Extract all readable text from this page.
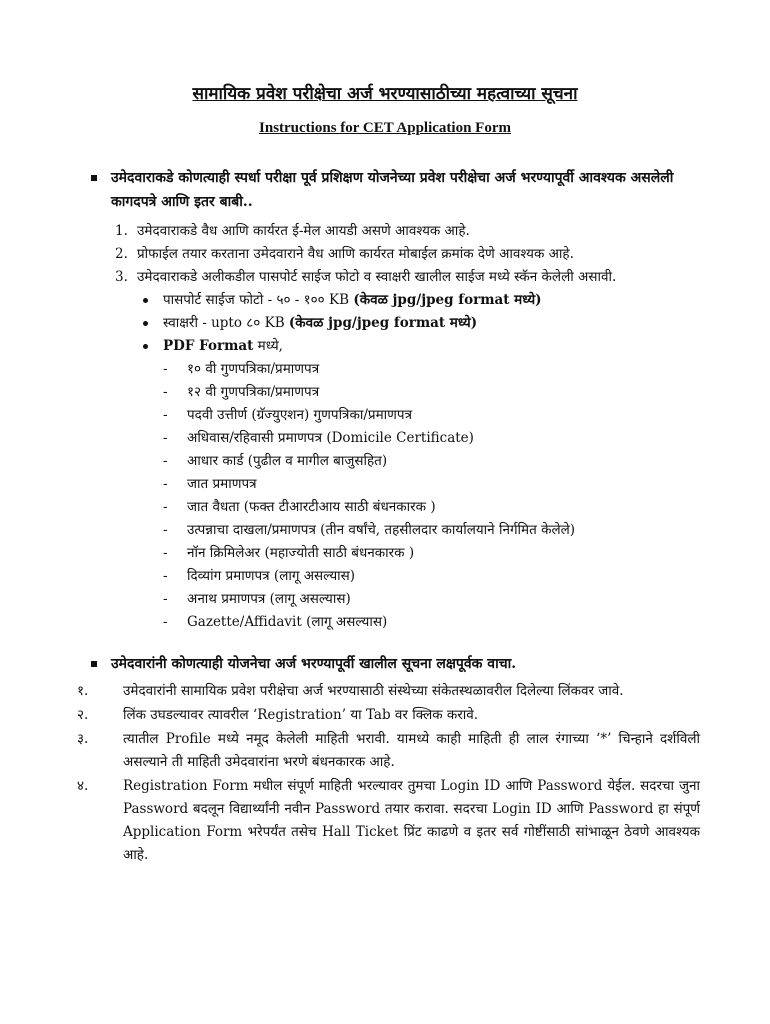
सामायिक प्रवेश परीक्षेचा अर्ज भरण्यासाठीच्या महत्वाच्या सूचना
Instructions for CET Application Form
उमेदवाराकडे कोणत्याही स्पर्धा परीक्षा पूर्व प्रशिक्षण योजनेच्या प्रवेश परीक्षेचा अर्ज भरण्यापूर्वी आवश्यक असलेली कागदपत्रे आणि इतर बाबी..
1. उमेदवाराकडे वैध आणि कार्यरत ई-मेल आयडी असणे आवश्यक आहे.
2. प्रोफाईल तयार करताना उमेदवाराने वैध आणि कार्यरत मोबाईल क्रमांक देणे आवश्यक आहे.
3. उमेदवाराकडे अलीकडील पासपोर्ट साईज फोटो व स्वाक्षरी खालील साईज मध्ये स्कॅन केलेली असावी.
पासपोर्ट साईज फोटो - ५० - १०० KB (केवळ jpg/jpeg format मध्ये)
स्वाक्षरी - upto ८० KB (केवळ jpg/jpeg format मध्ये)
PDF Format मध्ये,
- १० वी गुणपत्रिका/प्रमाणपत्र
- १२ वी गुणपत्रिका/प्रमाणपत्र
- पदवी उत्तीर्ण (ग्रॅज्युएशन) गुणपत्रिका/प्रमाणपत्र
- अधिवास/रहिवासी प्रमाणपत्र (Domicile Certificate)
- आधार कार्ड (पुढील व मागील बाजुसहित)
- जात प्रमाणपत्र
- जात वैधता (फक्त टीआरटीआय साठी बंधनकारक )
- उत्पन्नाचा दाखला/प्रमाणपत्र (तीन वर्षांचे, तहसीलदार कार्यालयाने निर्गमित केलेले)
- नॉन क्रिमिलेअर (महाज्योती साठी बंधनकारक )
- दिव्यांग प्रमाणपत्र (लागू असल्यास)
- अनाथ प्रमाणपत्र (लागू असल्यास)
- Gazette/Affidavit (लागू असल्यास)
उमेदवारांनी कोणत्याही योजनेचा अर्ज भरण्यापूर्वी खालील सूचना लक्षपूर्वक वाचा.
१.	उमेदवारांनी सामायिक प्रवेश परीक्षेचा अर्ज भरण्यासाठी संस्थेच्या संकेतस्थळावरील दिलेल्या लिंकवर जावे.
२.	लिंक उघडल्यावर त्यावरील ‘Registration’ या Tab वर क्लिक करावे.
३.	त्यातील Profile मध्ये नमूद केलेली माहिती भरावी. यामध्ये काही माहिती ही लाल रंगाच्या ‘*’ चिन्हाने दर्शविली असल्याने ती माहिती उमेदवारांना भरणे बंधनकारक आहे.
४.	Registration Form मधील संपूर्ण माहिती भरल्यावर तुमचा Login ID आणि Password येईल. सदरचा जुना Password बदलून विद्यार्थ्यांनी नवीन Password तयार करावा. सदरचा Login ID आणि Password हा संपूर्ण Application Form भरेपर्यंत तसेच Hall Ticket प्रिंट काढणे व इतर सर्व गोष्टींसाठी सांभाळून ठेवणे आवश्यक आहे.
